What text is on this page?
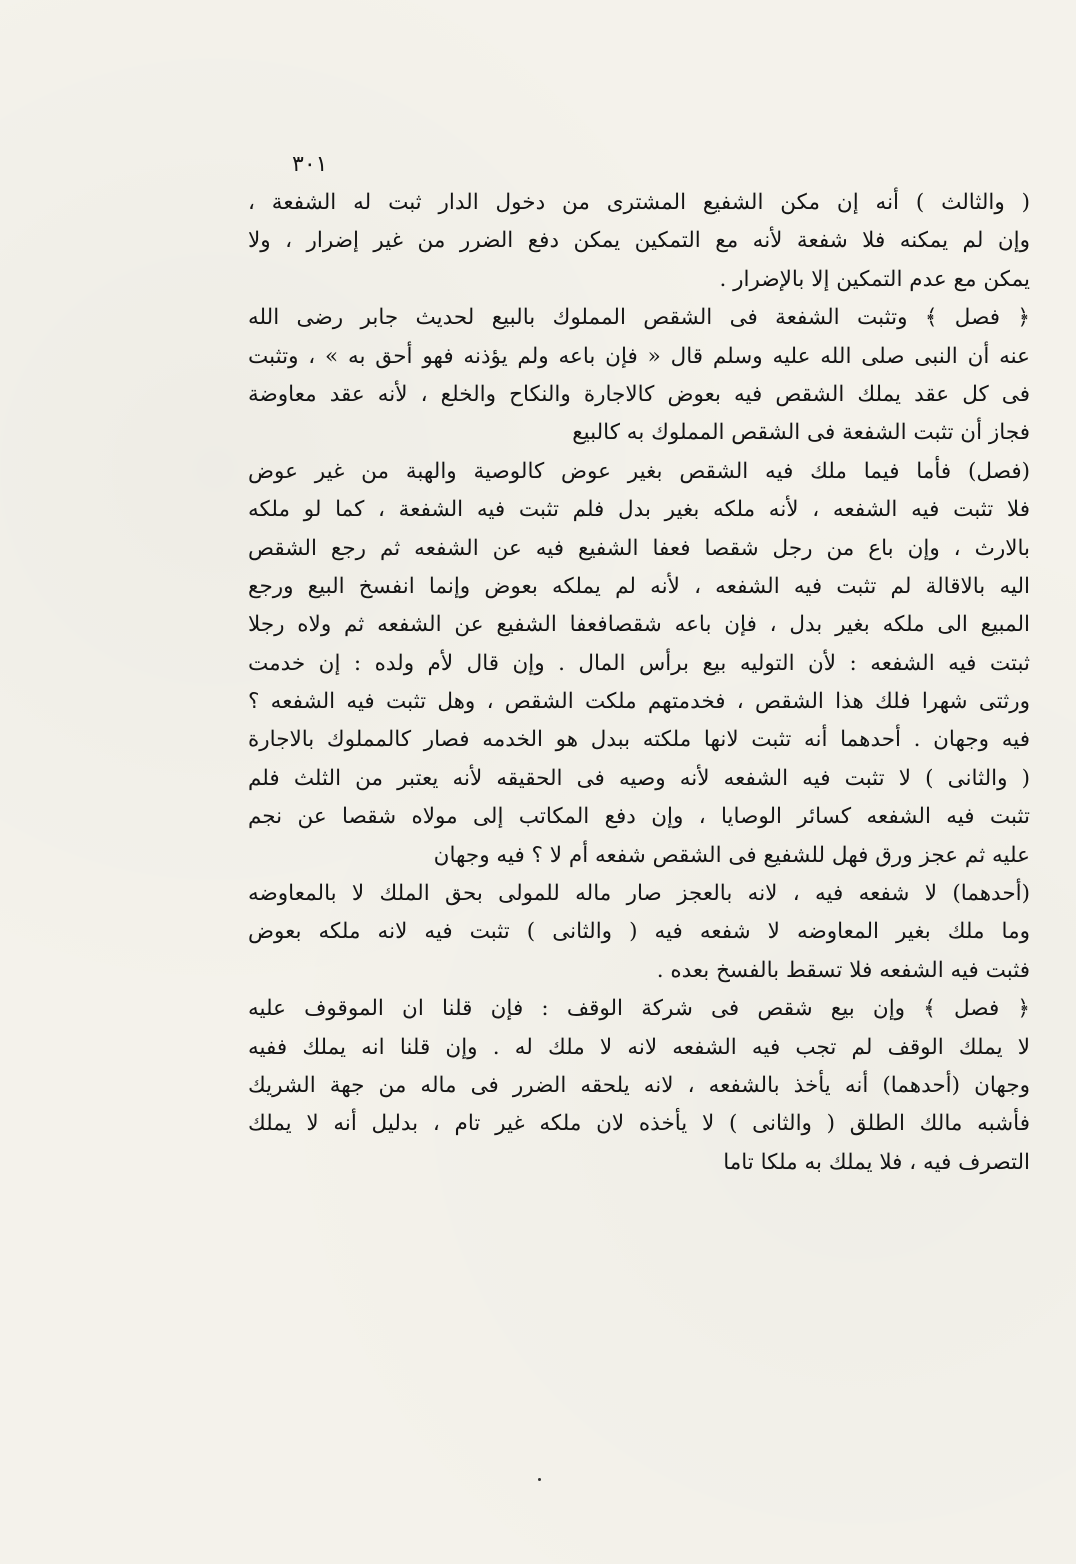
٣٠١
( والثالث ) أنه إن مكن الشفيع المشترى من دخول الدار ثبت له الشفعة ،
وإن لم يمكنه فلا شفعة لأنه مع التمكين يمكن دفع الضرر من غير إضرار ، ولا
يمكن مع عدم التمكين إلا بالإضرار .
﴿ فصل ﴾ وتثبت الشفعة فى الشقص المملوك بالبيع لحديث جابر رضى الله
عنه أن النبى صلى الله عليه وسلم قال « فإن باعه ولم يؤذنه فهو أحق به » ، وتثبت
فى كل عقد يملك الشقص فيه بعوض كالاجارة والنكاح والخلع ، لأنه عقد معاوضة
فجاز أن تثبت الشفعة فى الشقص المملوك به كالبيع
(فصل) فأما فيما ملك فيه الشقص بغير عوض كالوصية والهبة من غير عوض
فلا تثبت فيه الشفعه ، لأنه ملكه بغير بدل فلم تثبت فيه الشفعة ، كما لو ملكه
بالارث ، وإن باع من رجل شقصا فعفا الشفيع فيه عن الشفعه ثم رجع الشقص
اليه بالاقالة لم تثبت فيه الشفعه ، لأنه لم يملكه بعوض وإنما انفسخ البيع ورجع
المبيع الى ملكه بغير بدل ، فإن باعه شقصافعفا الشفيع عن الشفعه ثم ولاه رجلا
ثبتت فيه الشفعه : لأن التوليه بيع برأس المال . وإن قال لأم ولده : إن خدمت
ورثتى شهرا فلك هذا الشقص ، فخدمتهم ملكت الشقص ، وهل تثبت فيه الشفعه ؟
فيه وجهان . أحدهما أنه تثبت لانها ملكته ببدل هو الخدمه فصار كالمملوك بالاجارة
( والثانى ) لا تثبت فيه الشفعه لأنه وصيه فى الحقيقه لأنه يعتبر من الثلث فلم
تثبت فيه الشفعه كسائر الوصايا ، وإن دفع المكاتب إلى مولاه شقصا عن نجم
عليه ثم عجز ورق فهل للشفيع فى الشقص شفعه أم لا ؟ فيه وجهان
(أحدهما) لا شفعه فيه ، لانه بالعجز صار ماله للمولى بحق الملك لا بالمعاوضه
وما ملك بغير المعاوضه لا شفعه فيه ( والثانى ) تثبت فيه لانه ملكه بعوض
فثبت فيه الشفعه فلا تسقط بالفسخ بعده .
﴿ فصل ﴾ وإن بيع شقص فى شركة الوقف : فإن قلنا ان الموقوف عليه
لا يملك الوقف لم تجب فيه الشفعه لانه لا ملك له . وإن قلنا انه يملك ففيه
وجهان (أحدهما) أنه يأخذ بالشفعه ، لانه يلحقه الضرر فى ماله من جهة الشريك
فأشبه مالك الطلق ( والثانى ) لا يأخذه لان ملكه غير تام ، بدليل أنه لا يملك
التصرف فيه ، فلا يملك به ملكا تاما
